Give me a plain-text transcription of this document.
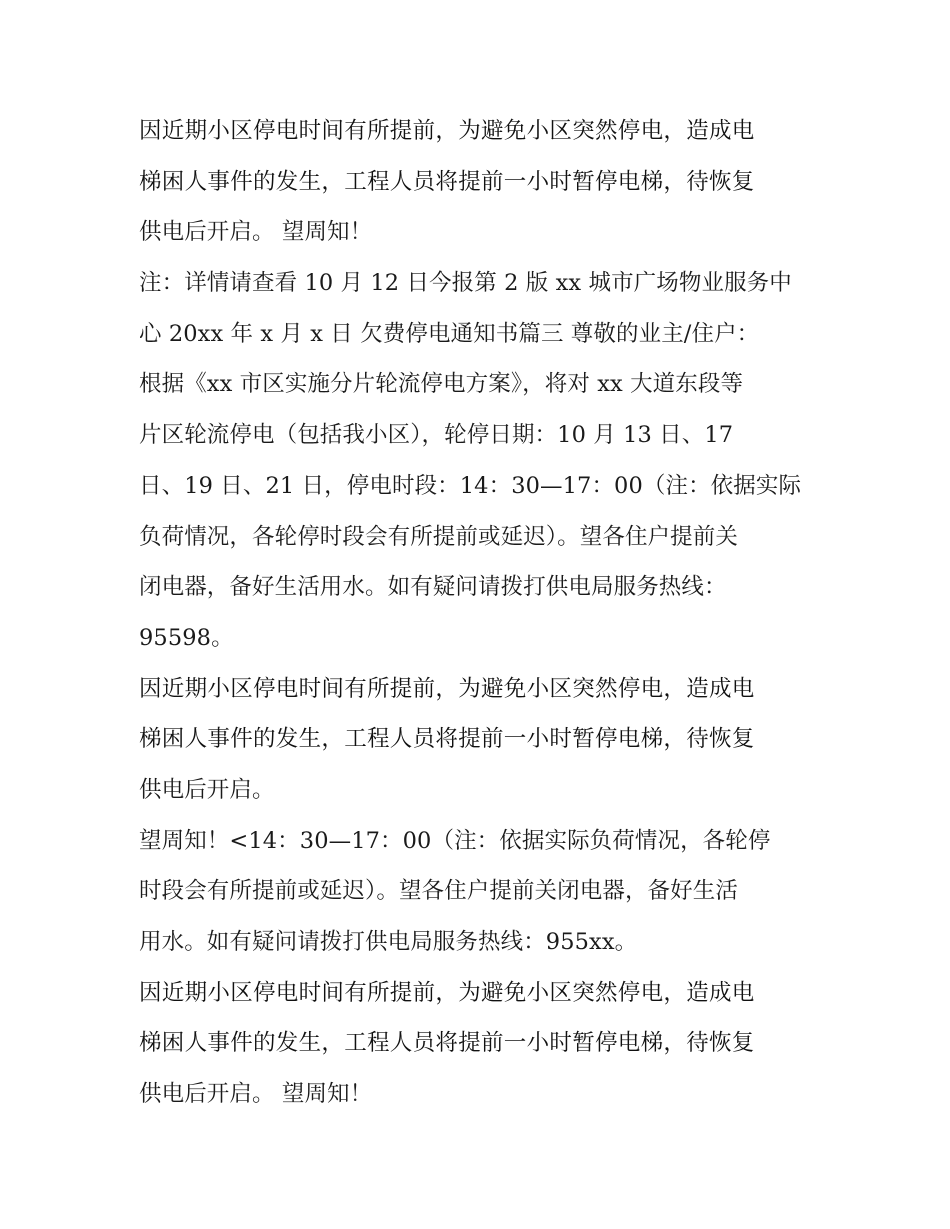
因近期小区停电时间有所提前，为避免小区突然停电，造成电
梯困人事件的发生，工程人员将提前一小时暂停电梯，待恢复
供电后开启。 望周知！
注：详情请查看 10 月 12 日今报第 2 版 xx 城市广场物业服务中
心 20xx 年 x 月 x 日 欠费停电通知书篇三 尊敬的业主/住户：
根据《xx 市区实施分片轮流停电方案》，将对 xx 大道东段等
片区轮流停电（包括我小区），轮停日期：10 月 13 日、17
日、19 日、21 日，停电时段：14：30—17：00（注：依据实际
负荷情况，各轮停时段会有所提前或延迟）。望各住户提前关
闭电器，备好生活用水。如有疑问请拨打供电局服务热线：
95598。
因近期小区停电时间有所提前，为避免小区突然停电，造成电
梯困人事件的发生，工程人员将提前一小时暂停电梯，待恢复
供电后开启。
望周知！<14：30—17：00（注：依据实际负荷情况，各轮停
时段会有所提前或延迟）。望各住户提前关闭电器，备好生活
用水。如有疑问请拨打供电局服务热线：955xx。
因近期小区停电时间有所提前，为避免小区突然停电，造成电
梯困人事件的发生，工程人员将提前一小时暂停电梯，待恢复
供电后开启。 望周知！
